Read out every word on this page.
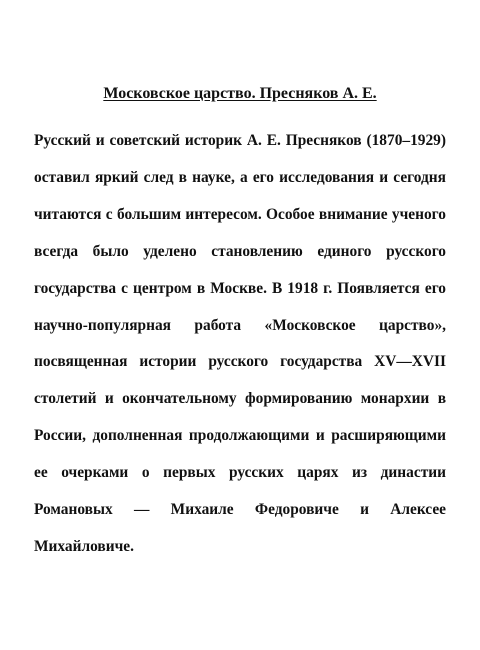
Московское царство. Пресняков А. Е.

Русский и советский историк А. Е. Пресняков (1870–1929) оставил яркий след в науке, а его исследования и сегодня читаются с большим интересом. Особое внимание ученого всегда было уделено становлению единого русского государства с центром в Москве. В 1918 г. Появляется его научно-популярная работа «Московское царство», посвященная истории русского государства XV—XVII столетий и окончательному формированию монархии в России, дополненная продолжающими и расширяющими ее очерками о первых русских царях из династии Романовых — Михаиле Федоровиче и Алексее Михайловиче.
